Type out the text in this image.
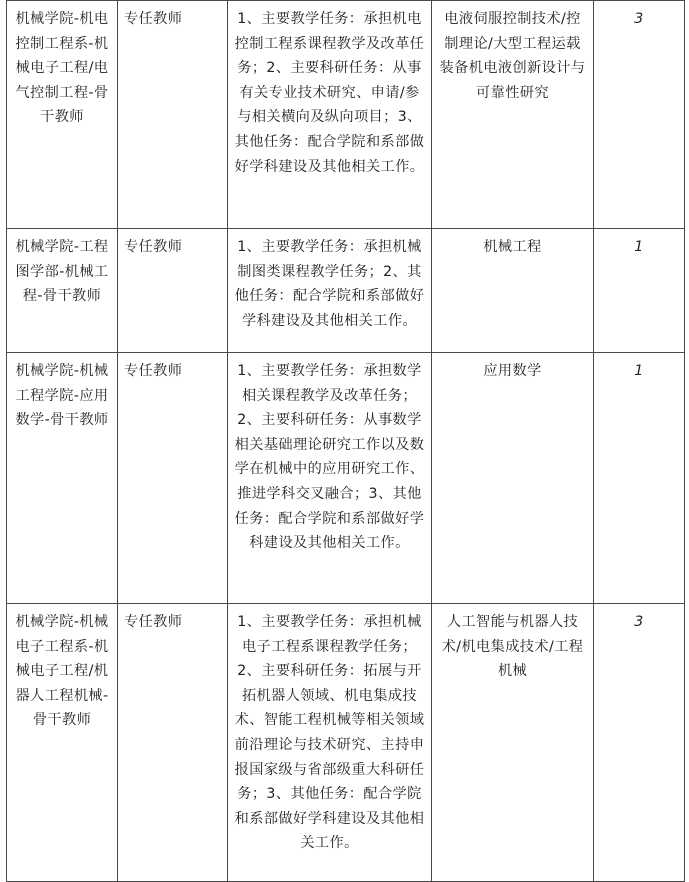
机械学院-机电控制工程系-机械电子工程/电气控制工程-骨干教师	专任教师	1、主要教学任务：承担机电控制工程系课程教学及改革任务；2、主要科研任务：从事有关专业技术研究、申请/参与相关横向及纵向项目；3、其他任务：配合学院和系部做好学科建设及其他相关工作。	电液伺服控制技术/控制理论/大型工程运载装备机电液创新设计与可靠性研究	3
机械学院-工程图学部-机械工程-骨干教师	专任教师	1、主要教学任务：承担机械制图类课程教学任务；2、其他任务：配合学院和系部做好学科建设及其他相关工作。	机械工程	1
机械学院-机械工程学院-应用数学-骨干教师	专任教师	1、主要教学任务：承担数学相关课程教学及改革任务；2、主要科研任务：从事数学相关基础理论研究工作以及数学在机械中的应用研究工作、推进学科交叉融合；3、其他任务：配合学院和系部做好学科建设及其他相关工作。	应用数学	1
机械学院-机械电子工程系-机械电子工程/机器人工程机械-骨干教师	专任教师	1、主要教学任务：承担机械电子工程系课程教学任务；2、主要科研任务：拓展与开拓机器人领域、机电集成技术、智能工程机械等相关领域前沿理论与技术研究、主持申报国家级与省部级重大科研任务；3、其他任务：配合学院和系部做好学科建设及其他相关工作。	人工智能与机器人技术/机电集成技术/工程机械	3
